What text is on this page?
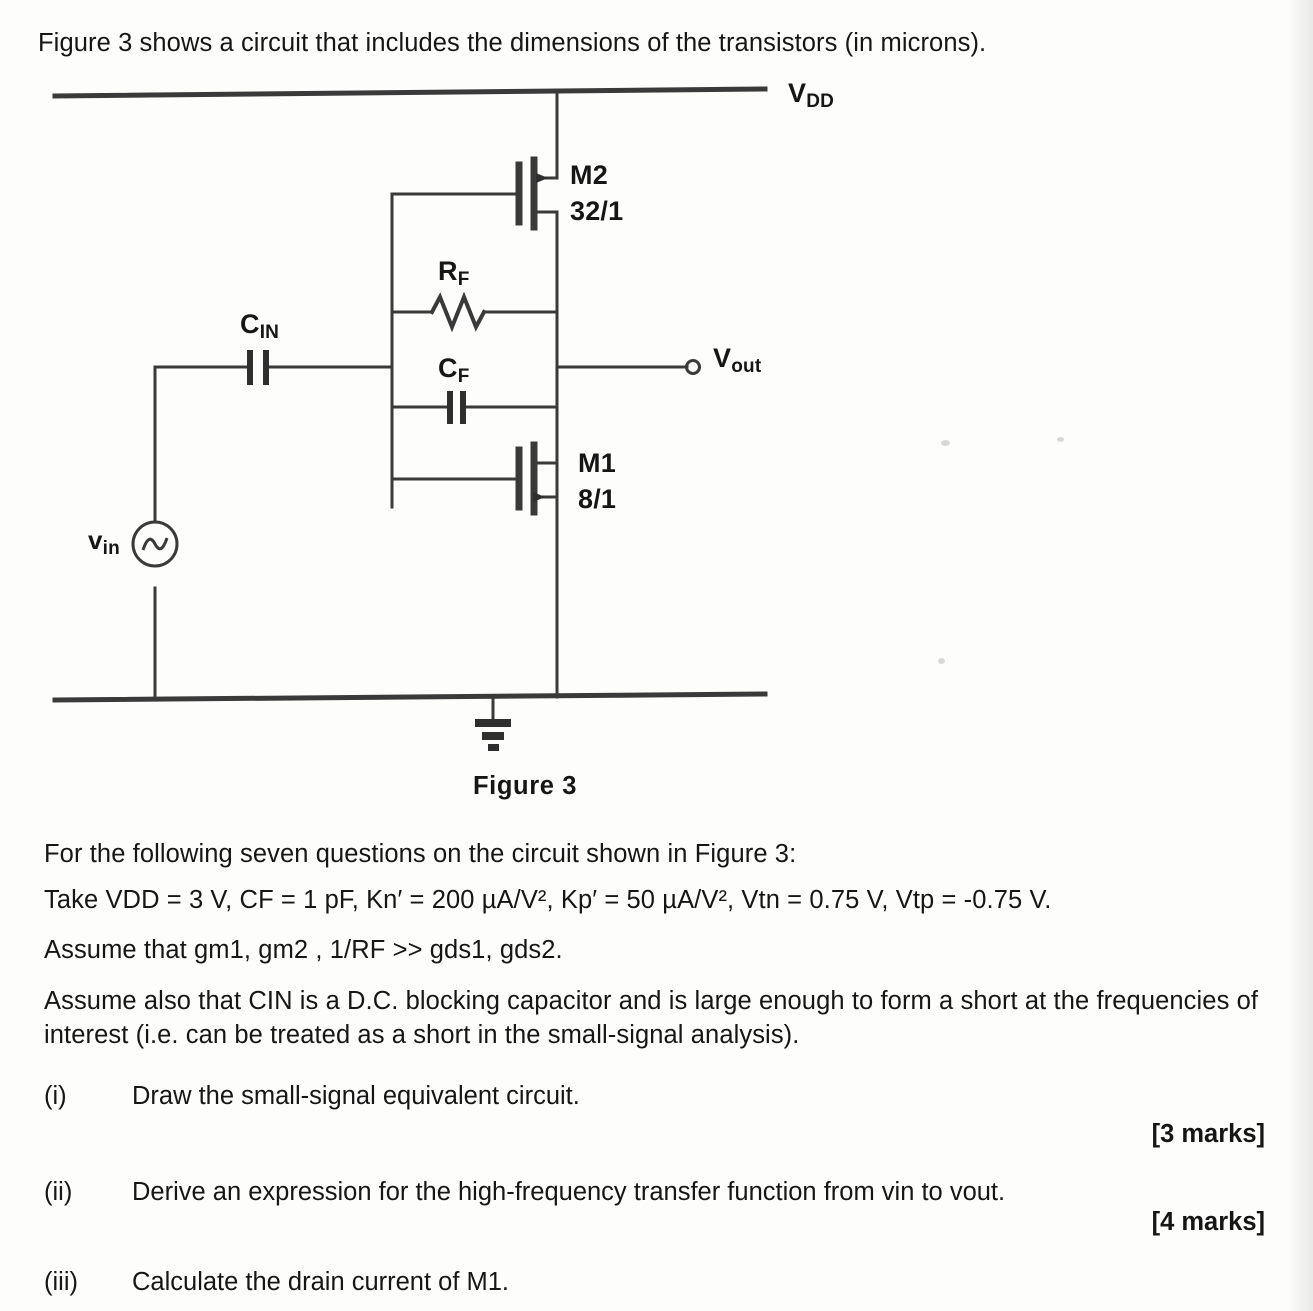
Figure 3 shows a circuit that includes the dimensions of the transistors (in microns).
VDD
M2
32/1
RF
CF
CIN
Vout
M1
8/1
vin
Figure 3
For the following seven questions on the circuit shown in Figure 3:
Take VDD = 3 V, CF = 1 pF, Kn′ = 200 µA/V², Kp′ = 50 µA/V², Vtn = 0.75 V, Vtp = -0.75 V.
Assume that gm1, gm2 , 1/RF >> gds1, gds2.
Assume also that CIN is a D.C. blocking capacitor and is large enough to form a short at the frequencies of interest (i.e. can be treated as a short in the small-signal analysis).
(i)	Draw the small-signal equivalent circuit.
[3 marks]
(ii)	Derive an expression for the high-frequency transfer function from vin to vout.
[4 marks]
(iii)	Calculate the drain current of M1.
